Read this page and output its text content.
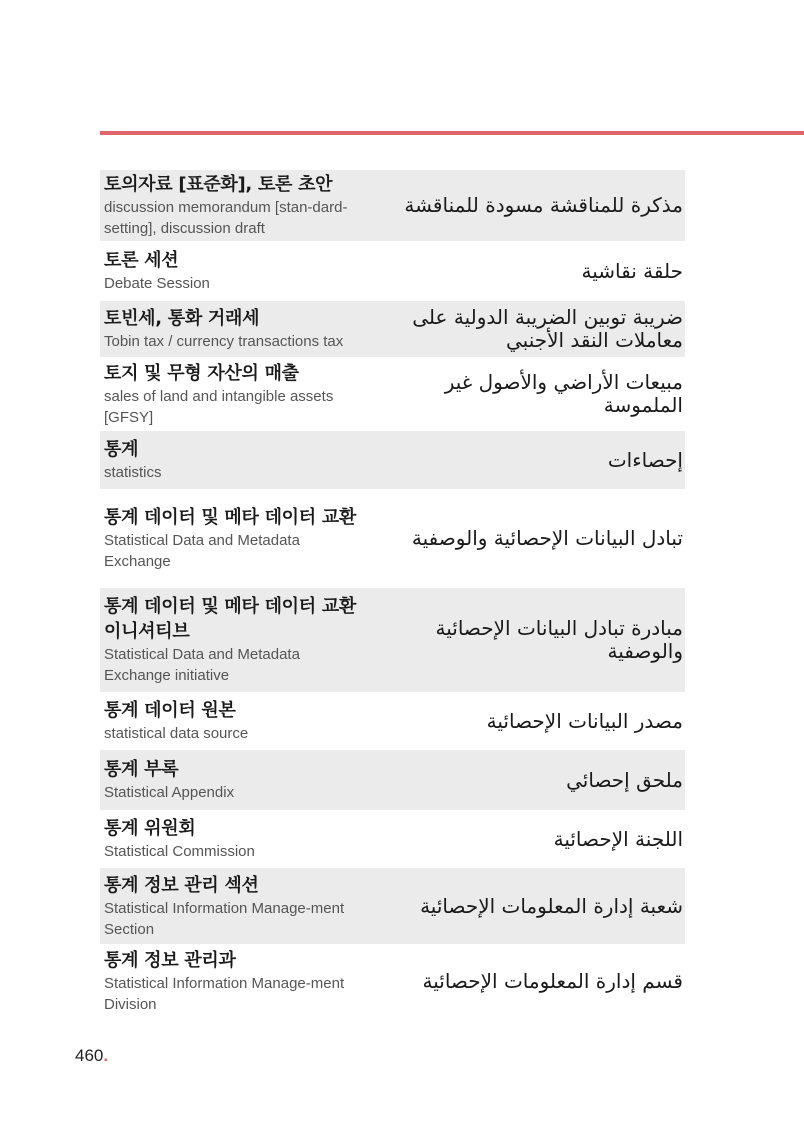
토의자료 [표준화], 토론 초안
discussion memorandum [stan-dard-setting], discussion draft
مذكرة للمناقشة مسودة للمناقشة
토론 세션
Debate Session
حلقة نقاشية
토빈세, 통화 거래세
Tobin tax / currency transactions tax
ضريبة توبين الضريبة الدولية على معاملات النقد الأجنبي
토지 및 무형 자산의 매출
sales of land and intangible assets [GFSY]
مبيعات الأراضي والأصول غير الملموسة
통계
statistics
إحصاءات
통계 데이터 및 메타 데이터 교환
Statistical Data and Metadata Exchange
تبادل البيانات الإحصائية والوصفية
통계 데이터 및 메타 데이터 교환 이니셔티브
Statistical Data and Metadata Exchange initiative
مبادرة تبادل البيانات الإحصائية والوصفية
통계 데이터 원본
statistical data source
مصدر البيانات الإحصائية
통계 부록
Statistical Appendix
ملحق إحصائي
통계 위원회
Statistical Commission
اللجنة الإحصائية
통계 정보 관리 섹션
Statistical Information Manage-ment Section
شعبة إدارة المعلومات الإحصائية
통계 정보 관리과
Statistical Information Manage-ment Division
قسم إدارة المعلومات الإحصائية
460.
